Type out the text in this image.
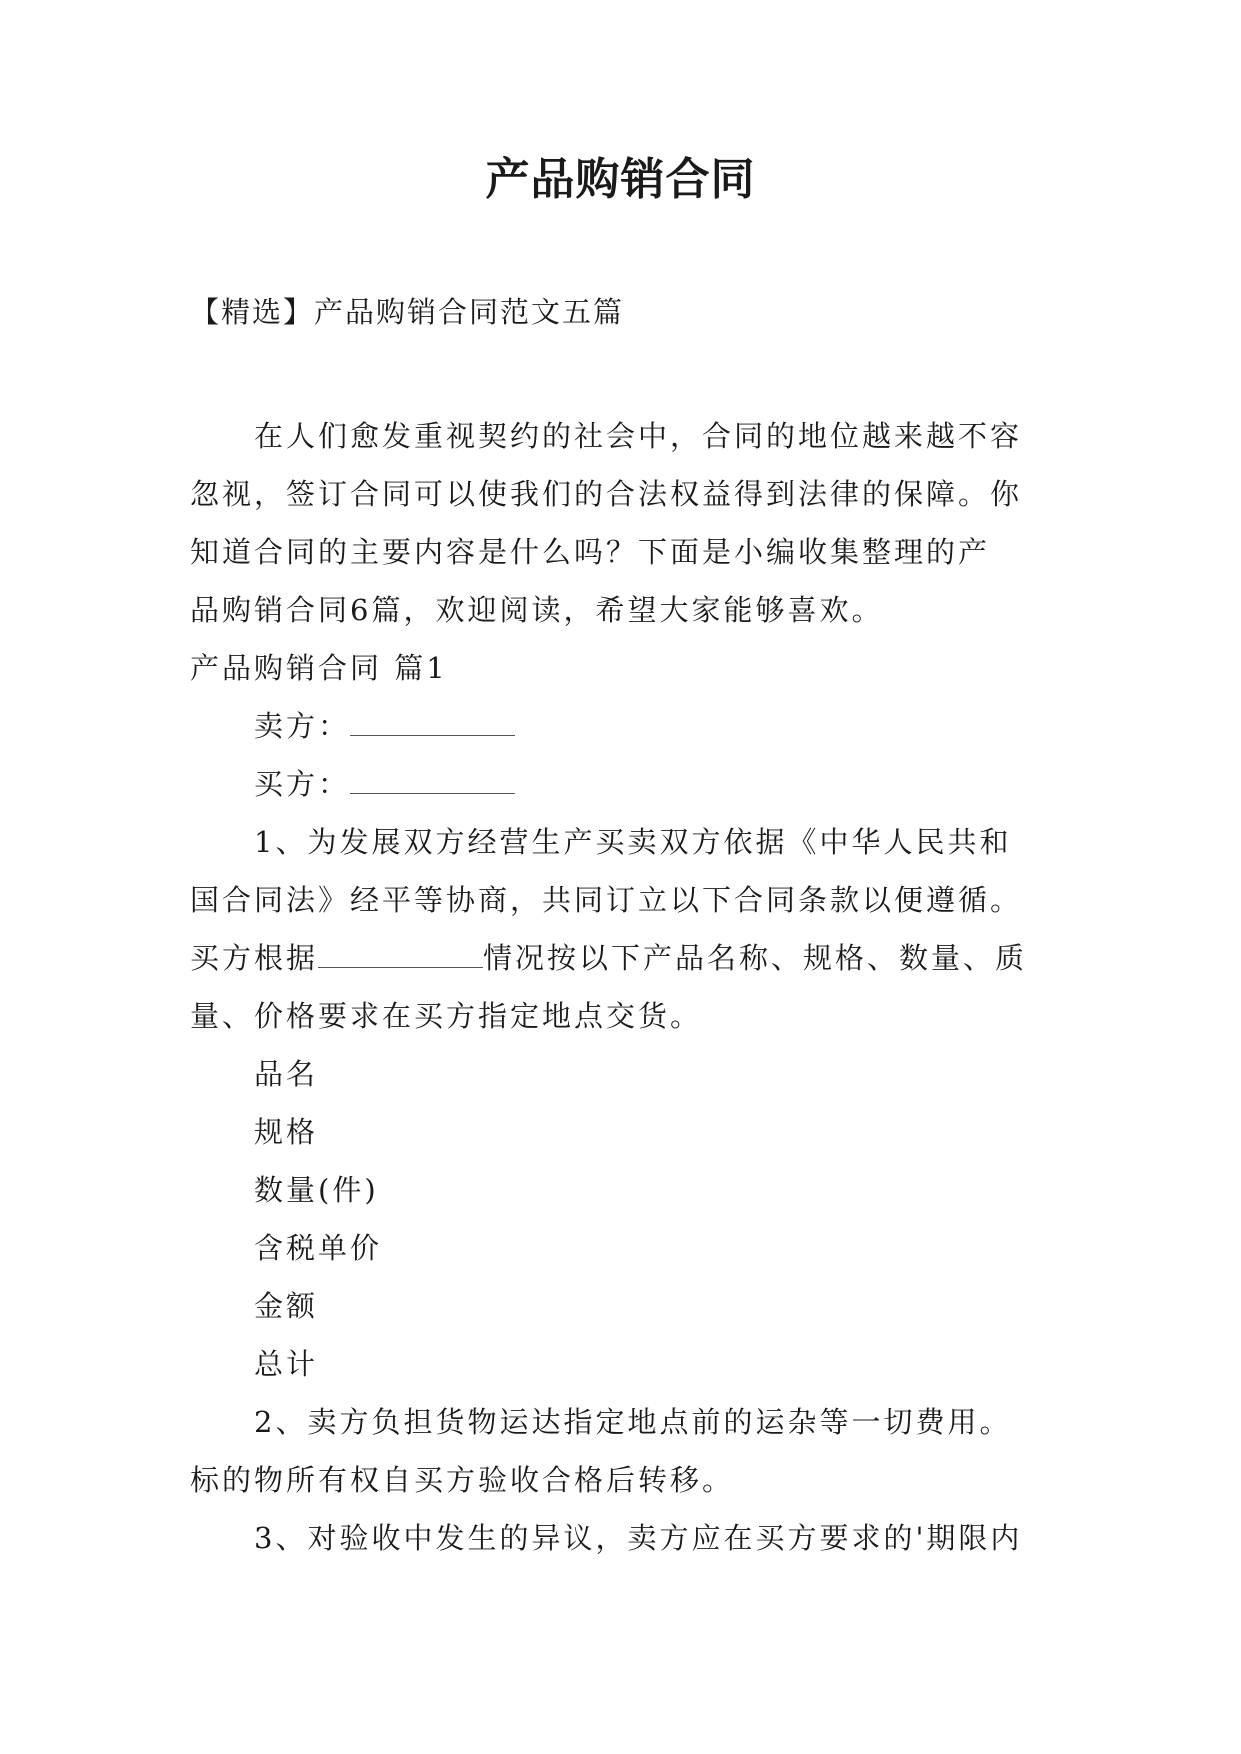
产品购销合同

【精选】产品购销合同范文五篇

在人们愈发重视契约的社会中，合同的地位越来越不容

忽视，签订合同可以使我们的合法权益得到法律的保障。你

知道合同的主要内容是什么吗？下面是小编收集整理的产

品购销合同6篇，欢迎阅读，希望大家能够喜欢。

产品购销合同 篇1

卖方：

买方：

1、为发展双方经营生产买卖双方依据《中华人民共和

国合同法》经平等协商，共同订立以下合同条款以便遵循。

买方根据	情况按以下产品名称、规格、数量、质

量、价格要求在买方指定地点交货。

品名

规格

数量(件)

含税单价

金额

总计

2、卖方负担货物运达指定地点前的运杂等一切费用。

标的物所有权自买方验收合格后转移。

3、对验收中发生的异议，卖方应在买方要求的'期限内
